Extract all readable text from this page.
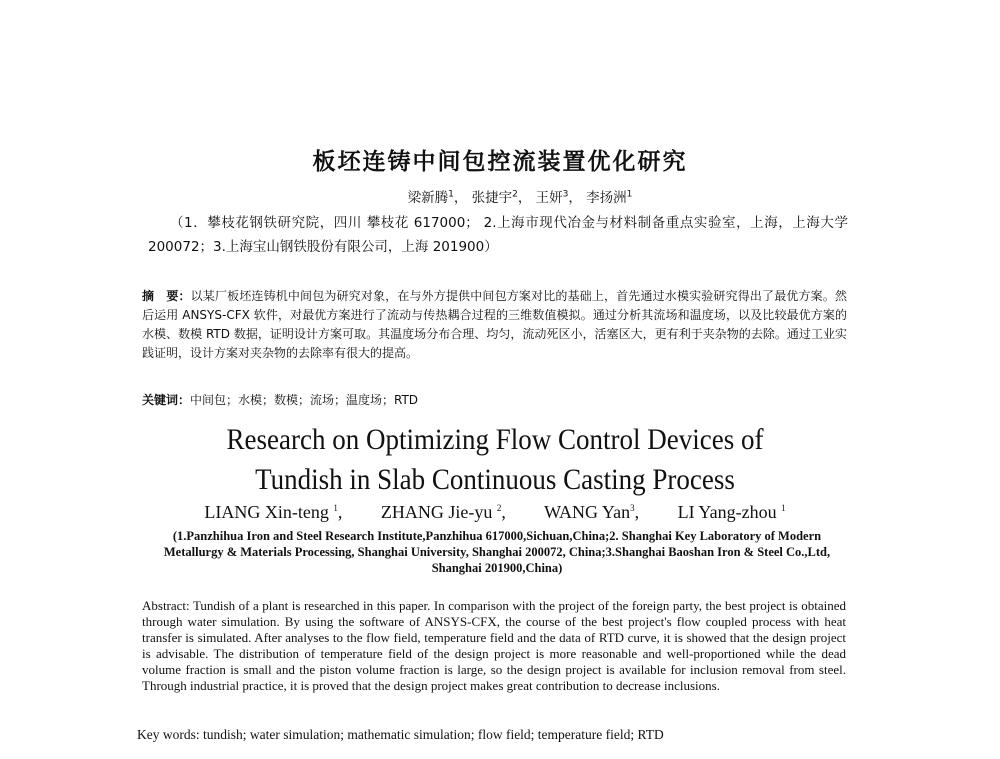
板坯连铸中间包控流装置优化研究
梁新腾$^1$， 张捷宇$^2$， 王妍$^3$， 李扬洲$^1$
（1．攀枝花钢铁研究院，四川 攀枝花 617000； 2.上海市现代冶金与材料制备重点实验室，上海，上海大学 200072；3.上海宝山钢铁股份有限公司，上海 201900）
摘　要：以某厂板坯连铸机中间包为研究对象，在与外方提供中间包方案对比的基础上，首先通过水模实验研究得出了最优方案。然后运用 ANSYS-CFX 软件，对最优方案进行了流动与传热耦合过程的三维数值模拟。通过分析其流场和温度场，以及比较最优方案的水模、数模 RTD 数据，证明设计方案可取。其温度场分布合理、均匀，流动死区小，活塞区大，更有利于夹杂物的去除。通过工业实践证明，设计方案对夹杂物的去除率有很大的提高。
关键词：中间包；水模；数模；流场；温度场；RTD
Research on Optimizing Flow Control Devices of
Tundish in Slab Continuous Casting Process
LIANG Xin-teng $^1$, ZHANG Jie-yu $^2$, WANG Yan$^3$, LI Yang-zhou $^1$
(1.Panzhihua Iron and Steel Research Institute,Panzhihua 617000,Sichuan,China;2. Shanghai Key Laboratory of Modern Metallurgy & Materials Processing, Shanghai University, Shanghai 200072, China;3.Shanghai Baoshan Iron & Steel Co.,Ltd, Shanghai 201900,China)
Abstract: Tundish of a plant is researched in this paper. In comparison with the project of the foreign party, the best project is obtained through water simulation. By using the software of ANSYS-CFX, the course of the best project's flow coupled process with heat transfer is simulated. After analyses to the flow field, temperature field and the data of RTD curve, it is showed that the design project is advisable. The distribution of temperature field of the design project is more reasonable and well-proportioned while the dead volume fraction is small and the piston volume fraction is large, so the design project is available for inclusion removal from steel. Through industrial practice, it is proved that the design project makes great contribution to decrease inclusions.
Key words: tundish; water simulation; mathematic simulation; flow field; temperature field; RTD
